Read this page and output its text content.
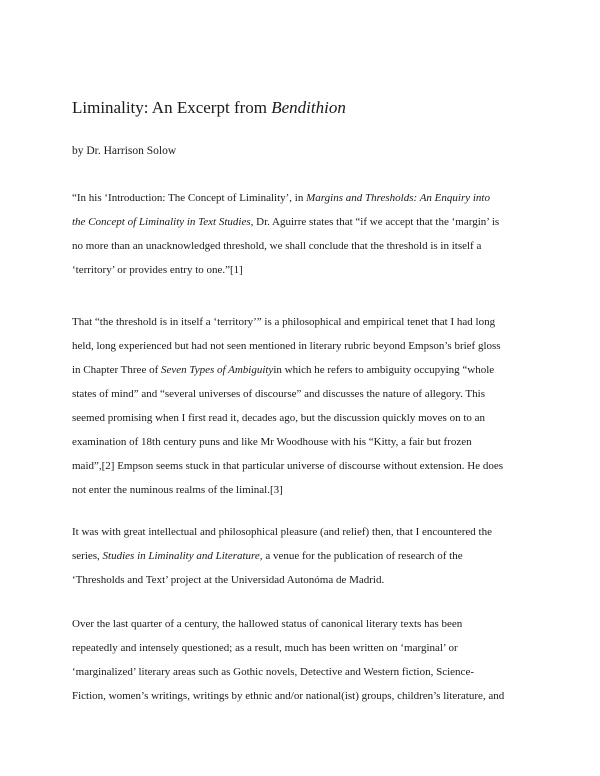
Liminality: An Excerpt from Bendithion

by Dr. Harrison Solow

“In his ‘Introduction: The Concept of Liminality’, in Margins and Thresholds: An Enquiry into
the Concept of Liminality in Text Studies, Dr. Aguirre states that “if we accept that the ‘margin’ is
no more than an unacknowledged threshold, we shall conclude that the threshold is in itself a
‘territory’ or provides entry to one.”[1]
That “the threshold is in itself a ‘territory’” is a philosophical and empirical tenet that I had long
held, long experienced but had not seen mentioned in literary rubric beyond Empson’s brief gloss
in Chapter Three of Seven Types of Ambiguityin which he refers to ambiguity occupying “whole
states of mind” and “several universes of discourse” and discusses the nature of allegory. This
seemed promising when I first read it, decades ago, but the discussion quickly moves on to an
examination of 18th century puns and like Mr Woodhouse with his “Kitty, a fair but frozen
maid”,[2] Empson seems stuck in that particular universe of discourse without extension. He does
not enter the numinous realms of the liminal.[3]
It was with great intellectual and philosophical pleasure (and relief) then, that I encountered the
series, Studies in Liminality and Literature, a venue for the publication of research of the
‘Thresholds and Text’ project at the Universidad Autonóma de Madrid.
Over the last quarter of a century, the hallowed status of canonical literary texts has been
repeatedly and intensely questioned; as a result, much has been written on ‘marginal’ or
‘marginalized’ literary areas such as Gothic novels, Detective and Western fiction, Science-
Fiction, women’s writings, writings by ethnic and/or national(ist) groups, children’s literature, and
